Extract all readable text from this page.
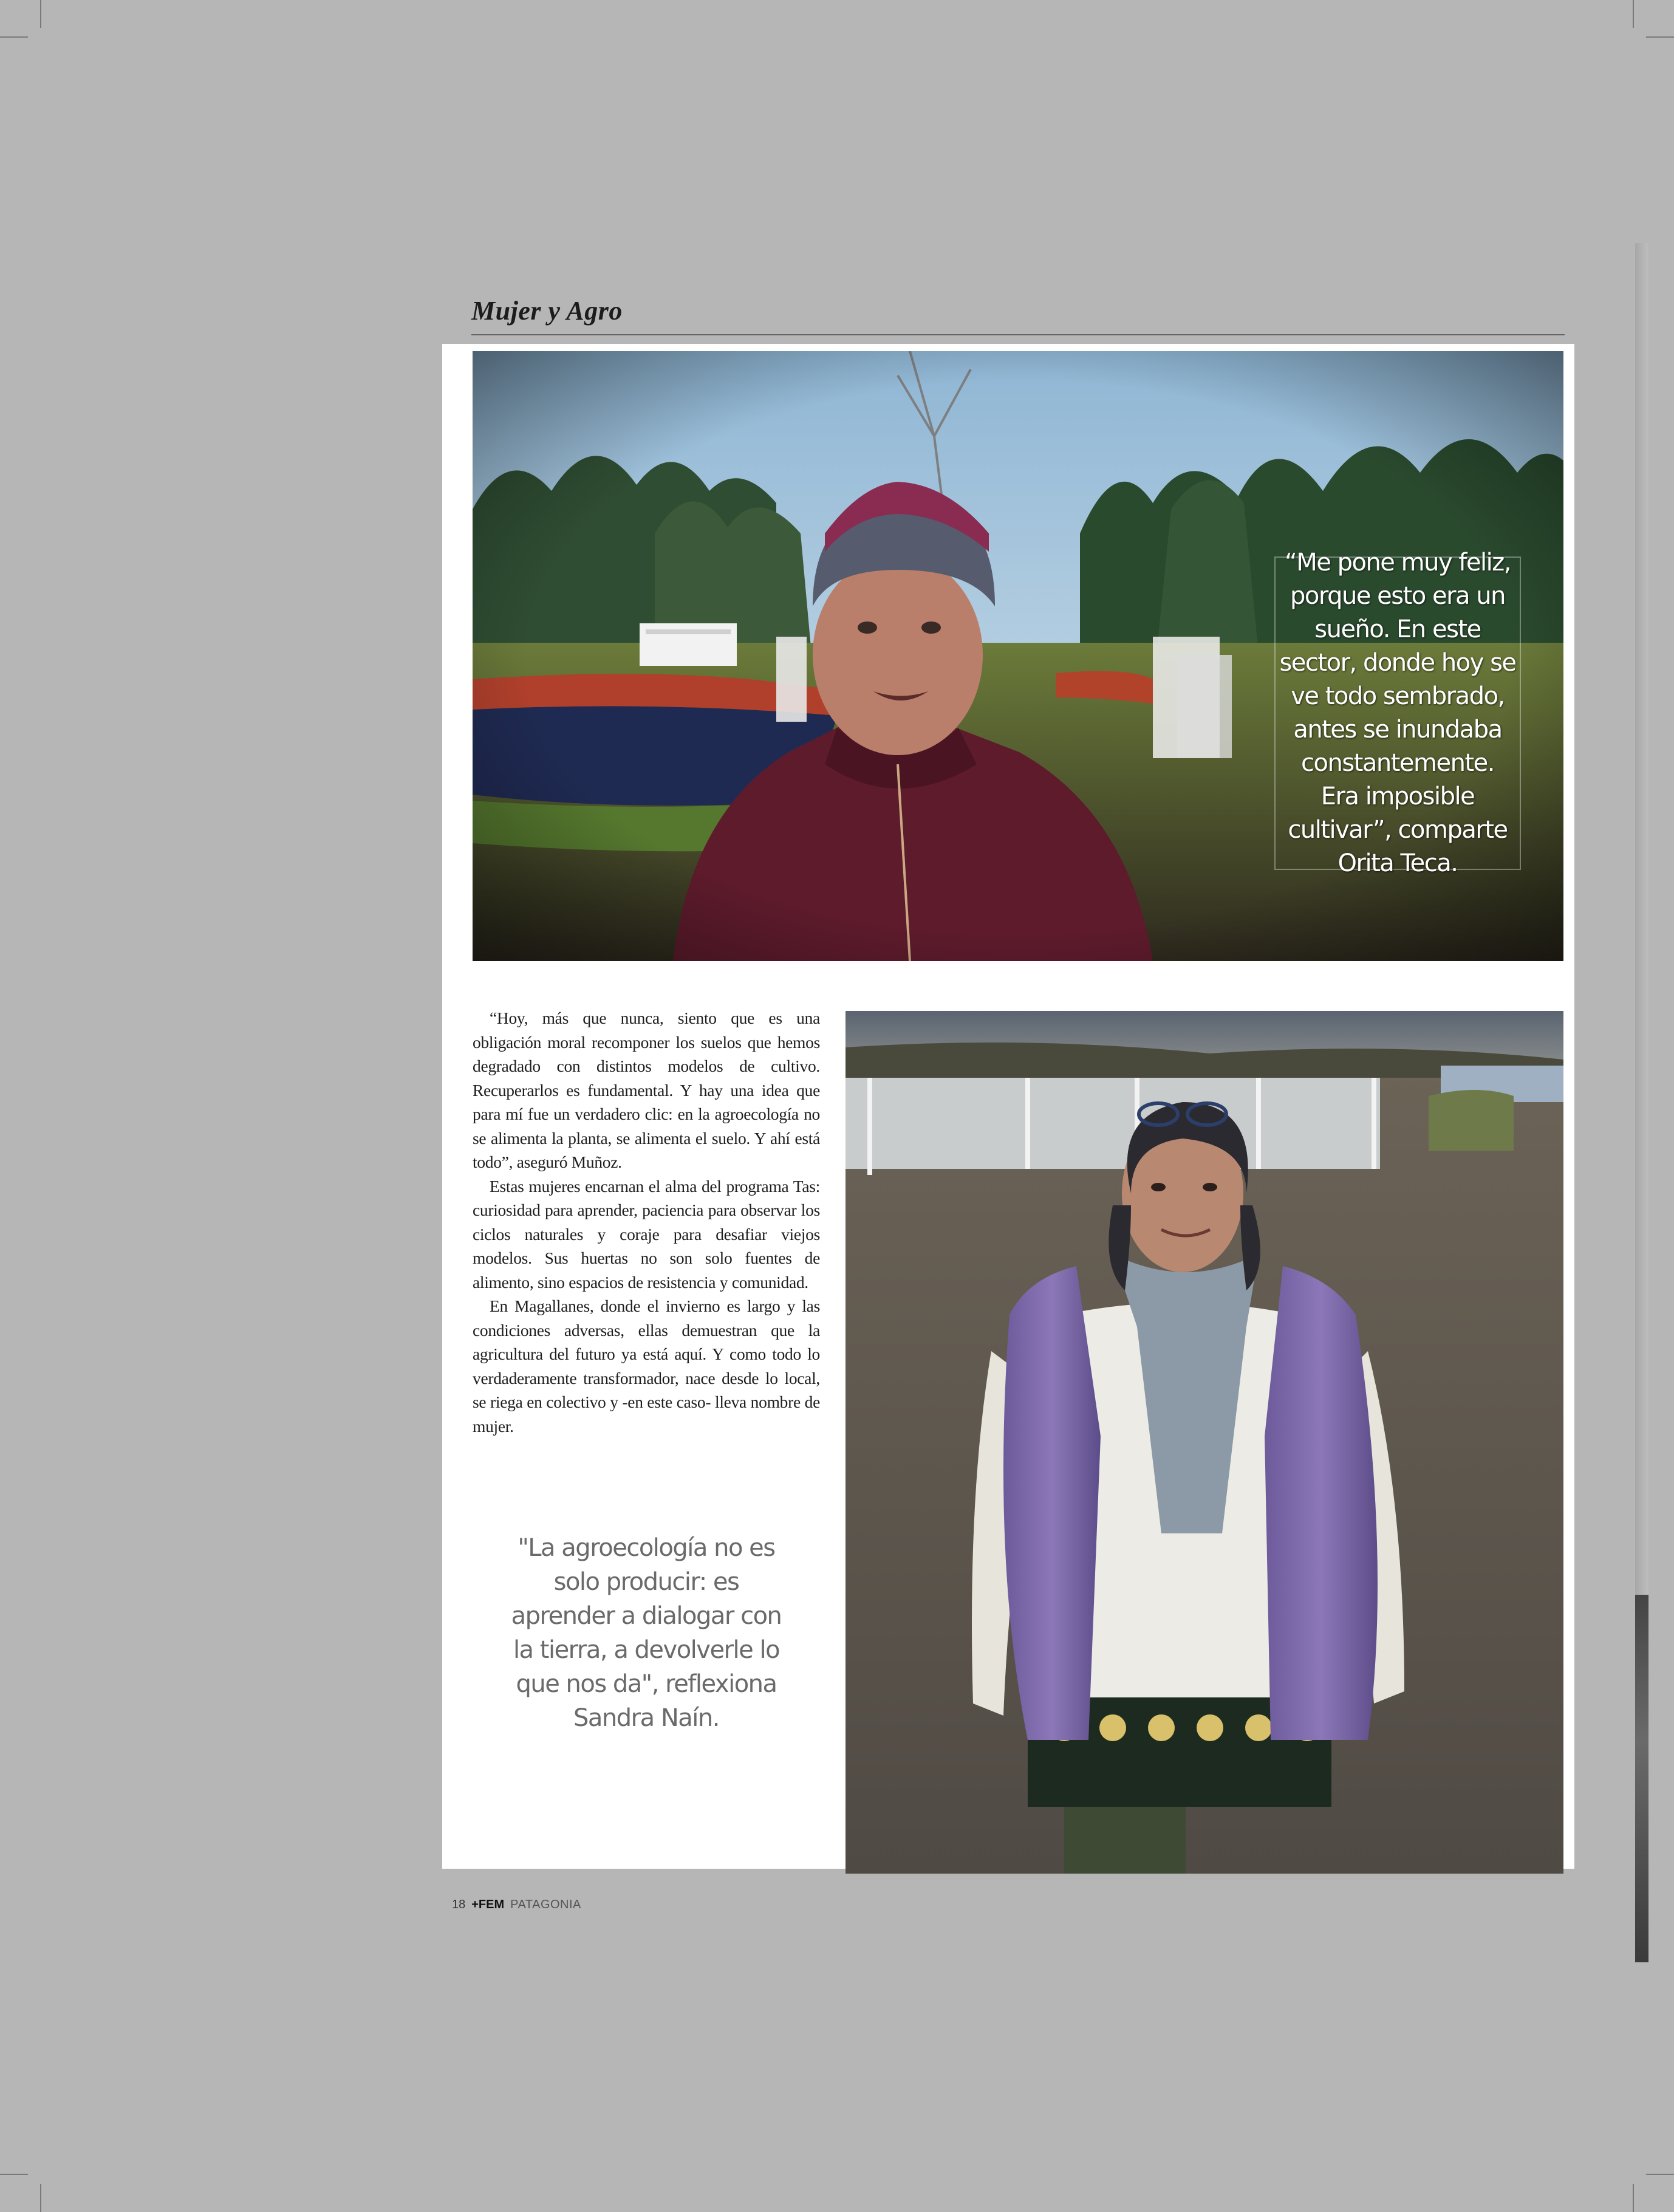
Mujer y Agro
“Me pone muy feliz, porque esto era un sueño. En este sector, donde hoy se ve todo sembrado, antes se inundaba constantemente. Era imposible cultivar”, comparte Orita Teca.

“Hoy, más que nunca, siento que es una obligación moral recomponer los suelos que hemos degradado con distintos modelos de cultivo. Recuperarlos es fundamental. Y hay una idea que para mí fue un verdadero clic: en la agroecología no se alimenta la planta, se alimenta el suelo. Y ahí está todo”, aseguró Muñoz.

Estas mujeres encarnan el alma del programa Tas: curiosidad para aprender, paciencia para observar los ciclos naturales y coraje para desafiar viejos modelos. Sus huertas no son solo fuentes de alimento, sino espacios de resistencia y comunidad.

En Magallanes, donde el invierno es largo y las condiciones adversas, ellas demuestran que la agricultura del futuro ya está aquí. Y como todo lo verdaderamente transformador, nace desde lo local, se riega en colectivo y -en este caso- lleva nombre de mujer.

"La agroecología no es solo producir: es aprender a dialogar con la tierra, a devolverle lo que nos da", reflexiona Sandra Naín.
18 +FEM PATAGONIA
